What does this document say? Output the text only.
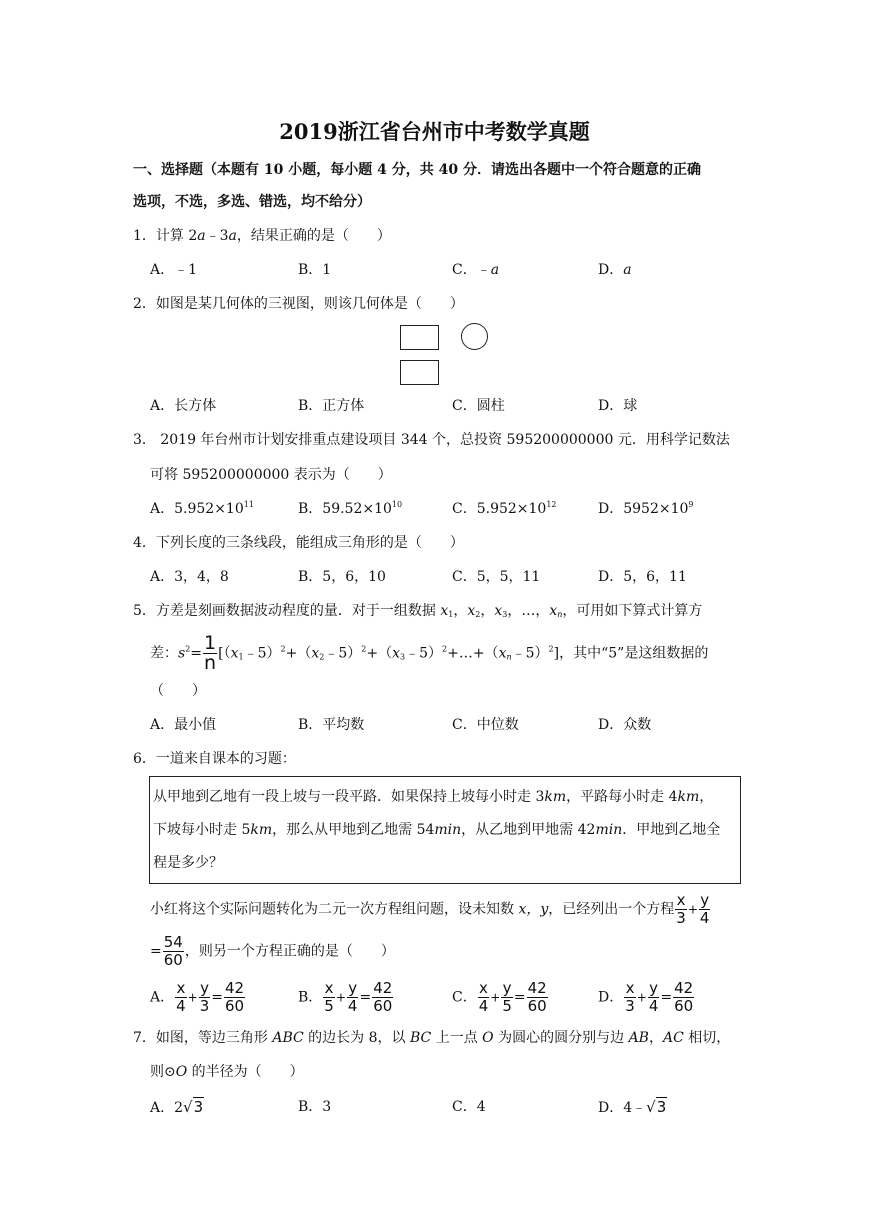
2019浙江省台州市中考数学真题
一、选择题（本题有 10 小题，每小题 4 分，共 40 分．请选出各题中一个符合题意的正确
选项，不选，多选、错选，均不给分）
1．计算 2a﹣3a，结果正确的是（　　）
A．﹣1	B．1	C．﹣a	D．a
2．如图是某几何体的三视图，则该几何体是（　　）
A．长方体	B．正方体	C．圆柱	D．球
3． 2019 年台州市计划安排重点建设项目 344 个，总投资 595200000000 元．用科学记数法
可将 595200000000 表示为（　　）
A．$5.952\times 10^{11}$	B．$59.52\times 10^{10}$	C．$5.952\times 10^{12}$	D．$5952\times 10^9$
4．下列长度的三条线段，能组成三角形的是（　　）
A．3，4，8	B．5，6，10	C．5，5，11	D．5，6，11
5．方差是刻画数据波动程度的量．对于一组数据 $x_1$，$x_2$，$x_3$，…，$x_n$，可用如下算式计算方
差：$s^2= \frac{1}{n}$ $[(x_1﹣5)^2+(x_2﹣5)^2+(x_3﹣5)^2+\dots+(x_n﹣5)^2]$，其中“5”是这组数据的
（　　）
A．最小值	B．平均数	C．中位数	D．众数
6．一道来自课本的习题：
从甲地到乙地有一段上坡与一段平路．如果保持上坡每小时走 3km，平路每小时走 4km，
下坡每小时走 5km，那么从甲地到乙地需 54min，从乙地到甲地需 42min．甲地到乙地全
程是多少？
小红将这个实际问题转化为二元一次方程组问题，设未知数 x，y，已经列出一个方程 $\frac{x}{3} + \frac{y}{4}$
= $\frac{54}{60}$ ，则另一个方程正确的是（　　）
A． $\frac{x}{4} + \frac{y}{3} = \frac{42}{60}$	B． $\frac{x}{5} + \frac{y}{4} = \frac{42}{60}$	C． $\frac{x}{4} + \frac{y}{5} = \frac{42}{60}$	D． $\frac{x}{3} + \frac{y}{4} = \frac{42}{60}$
7．如图，等边三角形 ABC 的边长为 8，以 BC 上一点 O 为圆心的圆分别与边 AB，AC 相切，
则⊙O 的半径为（　　）
A．2√3	B．3	C．4	D．4﹣√3
